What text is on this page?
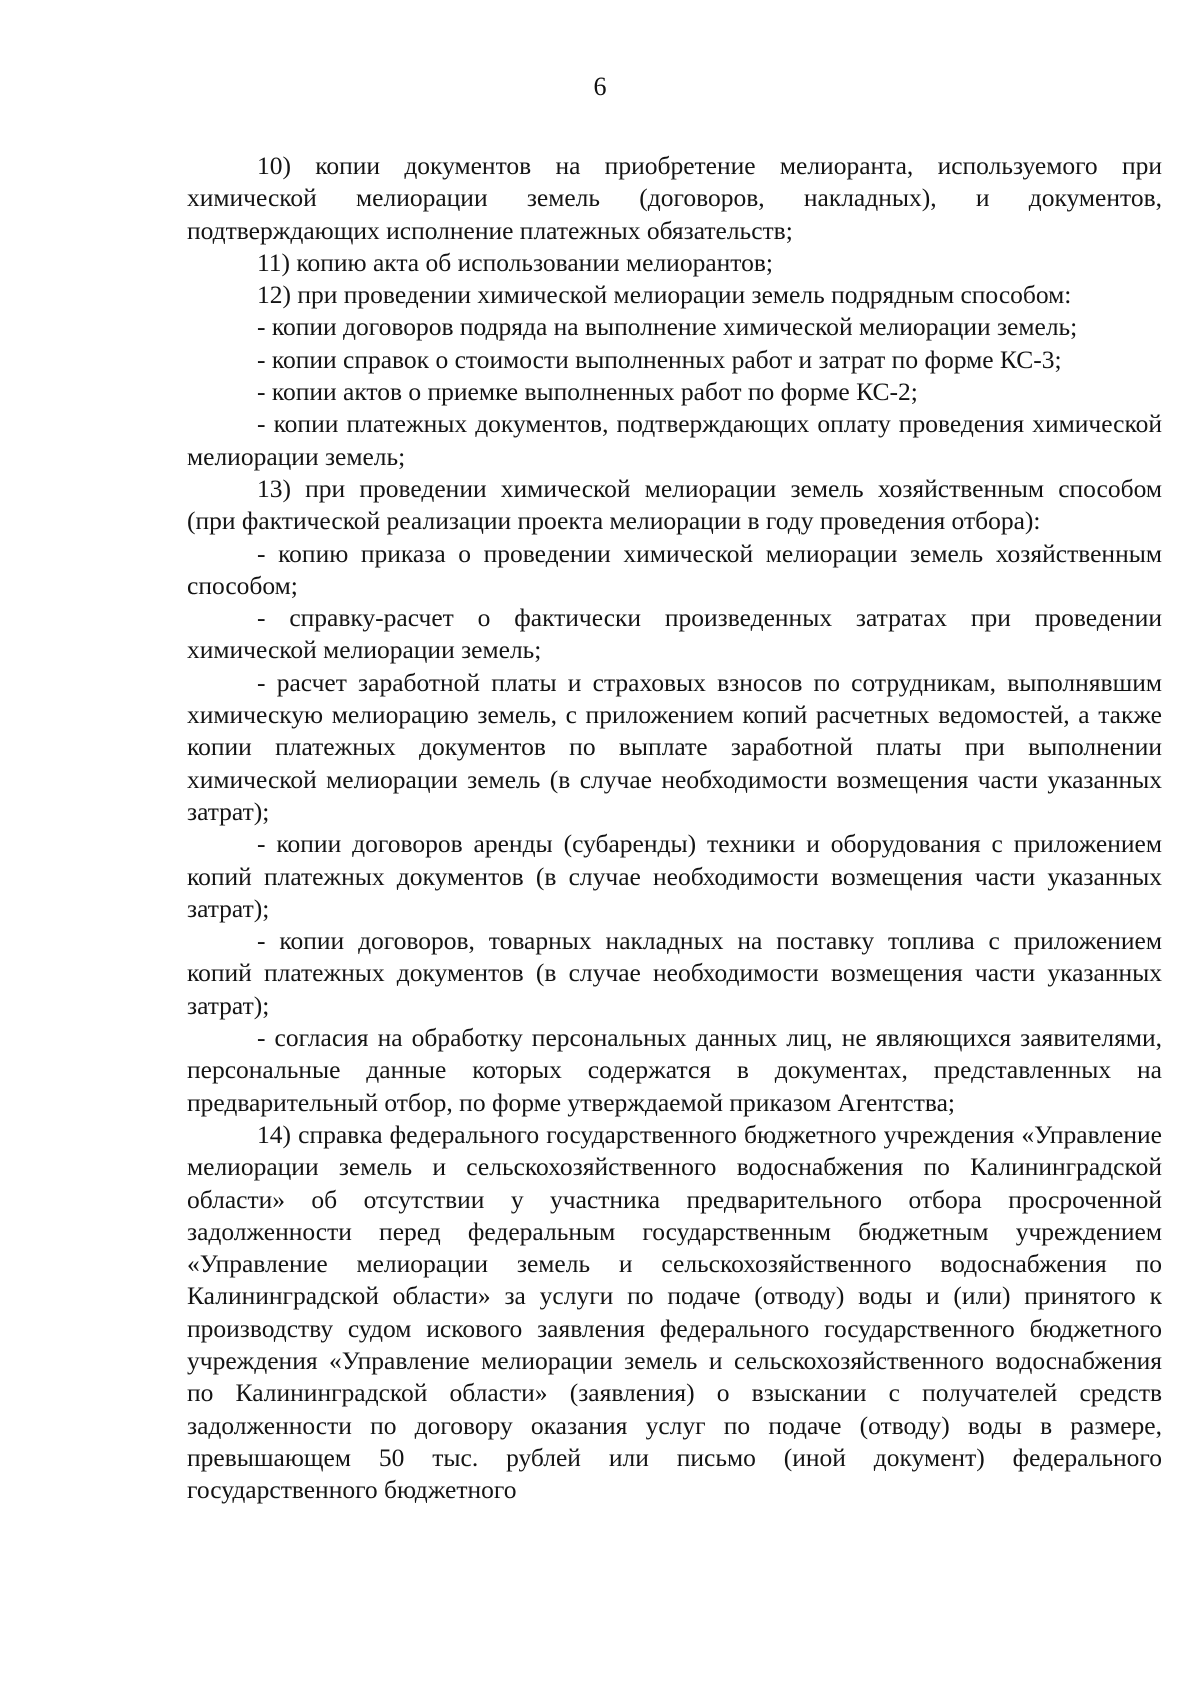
6

10) копии документов на приобретение мелиоранта, используемого при химической мелиорации земель (договоров, накладных), и документов, подтверждающих исполнение платежных обязательств;

11) копию акта об использовании мелиорантов;

12) при проведении химической мелиорации земель подрядным способом:

- копии договоров подряда на выполнение химической мелиорации земель;

- копии справок о стоимости выполненных работ и затрат по форме КС-3;

- копии актов о приемке выполненных работ по форме КС-2;

- копии платежных документов, подтверждающих оплату проведения химической мелиорации земель;

13) при проведении химической мелиорации земель хозяйственным способом (при фактической реализации проекта мелиорации в году проведения отбора):

- копию приказа о проведении химической мелиорации земель хозяйственным способом;

- справку-расчет о фактически произведенных затратах при проведении химической мелиорации земель;

- расчет заработной платы и страховых взносов по сотрудникам, выполнявшим химическую мелиорацию земель, с приложением копий расчетных ведомостей, а также копии платежных документов по выплате заработной платы при выполнении химической мелиорации земель (в случае необходимости возмещения части указанных затрат);

- копии договоров аренды (субаренды) техники и оборудования с приложением копий платежных документов (в случае необходимости возмещения части указанных затрат);

- копии договоров, товарных накладных на поставку топлива с приложением копий платежных документов (в случае необходимости возмещения части указанных затрат);

- согласия на обработку персональных данных лиц, не являющихся заявителями, персональные данные которых содержатся в документах, представленных на предварительный отбор, по форме утверждаемой приказом Агентства;

14) справка федерального государственного бюджетного учреждения «Управление мелиорации земель и сельскохозяйственного водоснабжения по Калининградской области» об отсутствии у участника предварительного отбора просроченной задолженности перед федеральным государственным бюджетным учреждением «Управление мелиорации земель и сельскохозяйственного водоснабжения по Калининградской области» за услуги по подаче (отводу) воды и (или) принятого к производству судом искового заявления федерального государственного бюджетного учреждения «Управление мелиорации земель и сельскохозяйственного водоснабжения по Калининградской области» (заявления) о взыскании с получателей средств задолженности по договору оказания услуг по подаче (отводу) воды в размере, превышающем 50 тыс. рублей или письмо (иной документ) федерального государственного бюджетного
